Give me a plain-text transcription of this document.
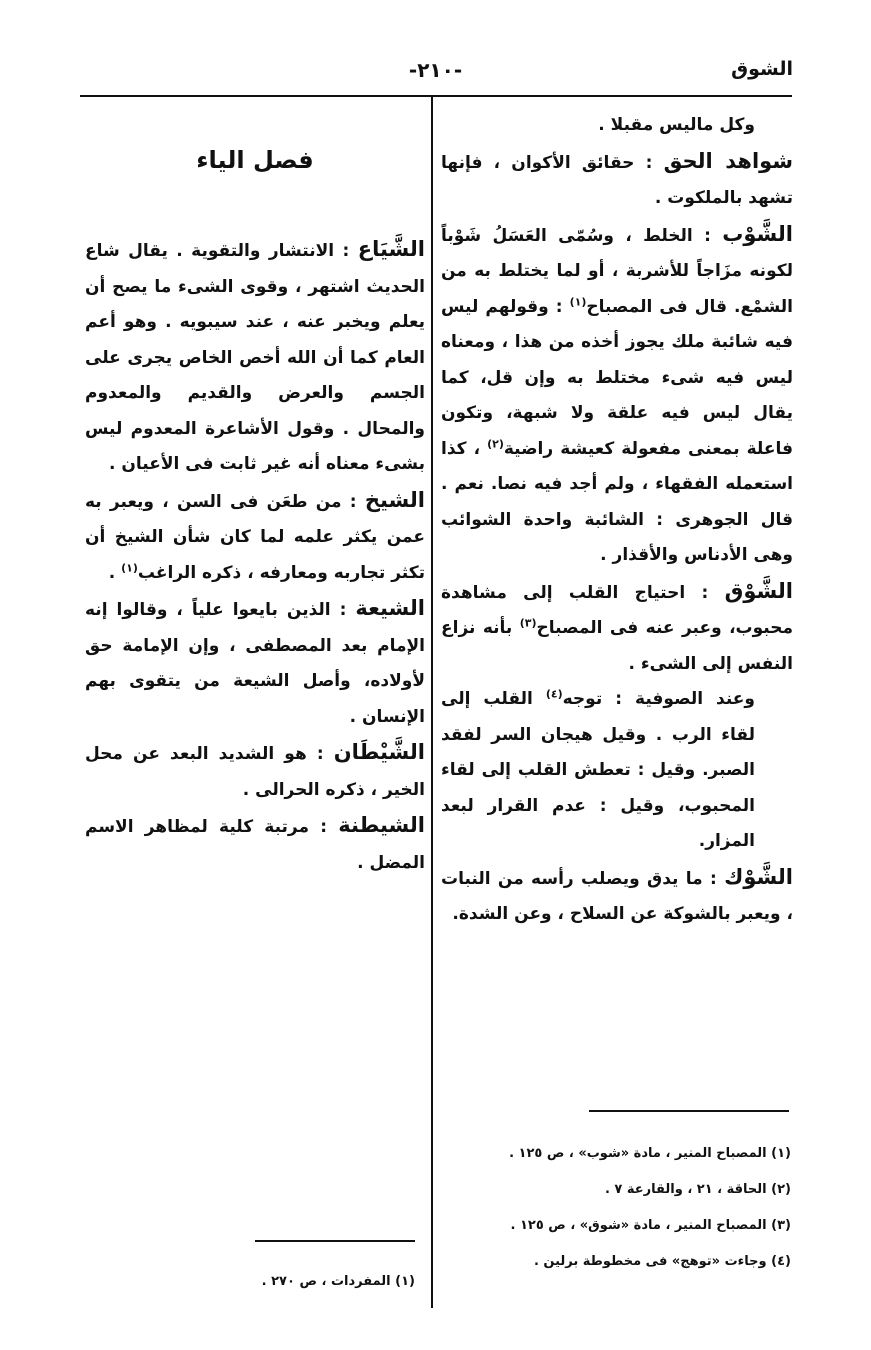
الشوق
-٢١٠-

وكل ماليس مقبلا .

شواهد الحق : حقائق الأكوان ، فإنها تشهد بالملكوت .

الشَّوْب : الخلط ، وسُمّى العَسَلُ شَوْباً لكونه مزَاجاً للأشربة ، أو لما يختلط به من الشمْع. قال فى المصباح$^{(١)}$ : وقولهم ليس فيه شائبة ملك يجوز أخذه من هذا ، ومعناه ليس فيه شىء مختلط به وإن قل، كما يقال ليس فيه علقة ولا شبهة، وتكون فاعلة بمعنى مفعولة كعيشة راضية$^{(٢)}$ ، كذا استعمله الفقهاء ، ولم أجد فيه نصا. نعم . قال الجوهرى : الشائبة واحدة الشوائب وهى الأدناس والأقذار .

الشَّوْق : احتياج القلب إلى مشاهدة محبوب، وعبر عنه فى المصباح$^{(٣)}$ بأنه نزاع النفس إلى الشىء .

وعند الصوفية : توجه$^{(٤)}$ القلب إلى لقاء الرب . وقيل هيجان السر لفقد الصبر. وقيل : تعطش القلب إلى لقاء المحبوب، وقيل : عدم القرار لبعد المزار.

الشَّوْك : ما يدق ويصلب رأسه من النبات ، ويعبر بالشوكة عن السلاح ، وعن الشدة.

(١) المصباح المنير ، مادة «شوب» ، ص ١٢٥ .
(٢) الحاقة ، ٢١ ، والقارعة ٧ .
(٣) المصباح المنير ، مادة «شوق» ، ص ١٢٥ .
(٤) وجاءت «توهج» فى مخطوطة برلين .
فصل الياء

الشَّيَاع : الانتشار والتقوية . يقال شاع الحديث اشتهر ، وقوى الشىء ما يصح أن يعلم ويخبر عنه ، عند سيبويه . وهو أعم العام كما أن الله أخص الخاص يجرى على الجسم والعرض والقديم والمعدوم والمحال . وقول الأشاعرة المعدوم ليس بشىء معناه أنه غير ثابت فى الأعيان .

الشيخ : من طعَن فى السن ، ويعبر به عمن يكثر علمه لما كان شأن الشيخ أن تكثر تجاربه ومعارفه ، ذكره الراغب$^{(١)}$ .

الشيعة : الذين بايعوا علياً ، وقالوا إنه الإمام بعد المصطفى ، وإن الإمامة حق لأولاده، وأصل الشيعة من يتقوى بهم الإنسان .

الشَّيْطَان : هو الشديد البعد عن محل الخير ، ذكره الحرالى .

الشيطنة : مرتبة كلية لمظاهر الاسم المضل .

(١) المفردات ، ص ٢٧٠ .
